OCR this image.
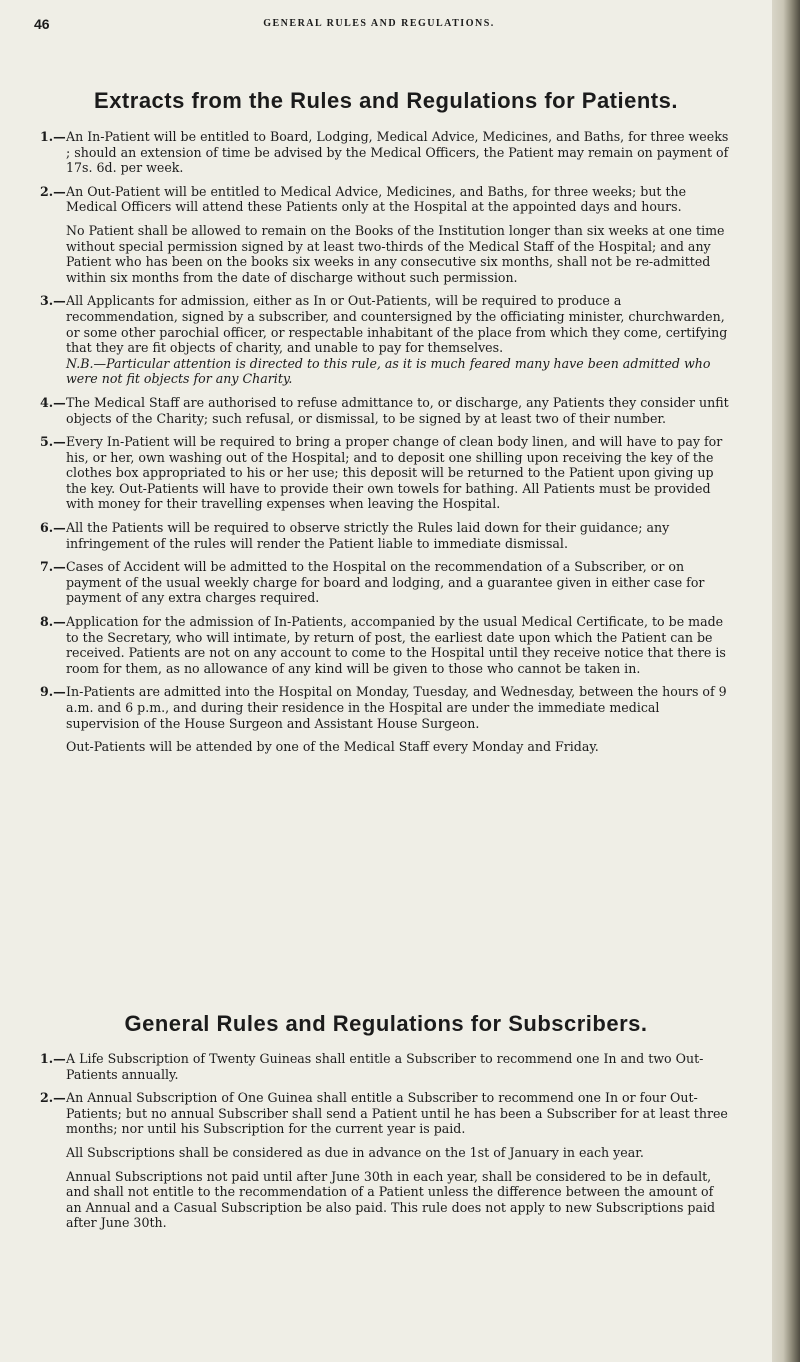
46	GENERAL RULES AND REGULATIONS.
Extracts from the Rules and Regulations for Patients.
1.— An In-Patient will be entitled to Board, Lodging, Medical Advice, Medicines, and Baths, for three weeks ; should an extension of time be advised by the Medical Officers, the Patient may remain on payment of 17s. 6d. per week.
2.— An Out-Patient will be entitled to Medical Advice, Medicines, and Baths, for three weeks; but the Medical Officers will attend these Patients only at the Hospital at the appointed days and hours.
No Patient shall be allowed to remain on the Books of the Institution longer than six weeks at one time without special permission signed by at least two-thirds of the Medical Staff of the Hospital; and any Patient who has been on the books six weeks in any consecutive six months, shall not be re-admitted within six months from the date of discharge without such permission.
3.— All Applicants for admission, either as In or Out-Patients, will be required to produce a recommendation, signed by a subscriber, and countersigned by the officiating minister, churchwarden, or some other parochial officer, or respectable inhabitant of the place from which they come, certifying that they are fit objects of charity, and unable to pay for themselves.
N.B.—Particular attention is directed to this rule, as it is much feared many have been admitted who were not fit objects for any Charity.
4.— The Medical Staff are authorised to refuse admittance to, or discharge, any Patients they consider unfit objects of the Charity; such refusal, or dismissal, to be signed by at least two of their number.
5.— Every In-Patient will be required to bring a proper change of clean body linen, and will have to pay for his, or her, own washing out of the Hospital; and to deposit one shilling upon receiving the key of the clothes box appropriated to his or her use; this deposit will be returned to the Patient upon giving up the key. Out-Patients will have to provide their own towels for bathing. All Patients must be provided with money for their travelling expenses when leaving the Hospital.
6.— All the Patients will be required to observe strictly the Rules laid down for their guidance; any infringement of the rules will render the Patient liable to immediate dismissal.
7.— Cases of Accident will be admitted to the Hospital on the recommendation of a Subscriber, or on payment of the usual weekly charge for board and lodging, and a guarantee given in either case for payment of any extra charges required.
8.— Application for the admission of In-Patients, accompanied by the usual Medical Certificate, to be made to the Secretary, who will intimate, by return of post, the earliest date upon which the Patient can be received. Patients are not on any account to come to the Hospital until they receive notice that there is room for them, as no allowance of any kind will be given to those who cannot be taken in.
9.— In-Patients are admitted into the Hospital on Monday, Tuesday, and Wednesday, between the hours of 9 a.m. and 6 p.m., and during their residence in the Hospital are under the immediate medical supervision of the House Surgeon and Assistant House Surgeon.
Out-Patients will be attended by one of the Medical Staff every Monday and Friday.
General Rules and Regulations for Subscribers.
1.— A Life Subscription of Twenty Guineas shall entitle a Subscriber to recommend one In and two Out-Patients annually.
2.— An Annual Subscription of One Guinea shall entitle a Subscriber to recommend one In or four Out-Patients; but no annual Subscriber shall send a Patient until he has been a Subscriber for at least three months; nor until his Subscription for the current year is paid.
All Subscriptions shall be considered as due in advance on the 1st of January in each year.
Annual Subscriptions not paid until after June 30th in each year, shall be considered to be in default, and shall not entitle to the recommendation of a Patient unless the difference between the amount of an Annual and a Casual Subscription be also paid. This rule does not apply to new Subscriptions paid after June 30th.
